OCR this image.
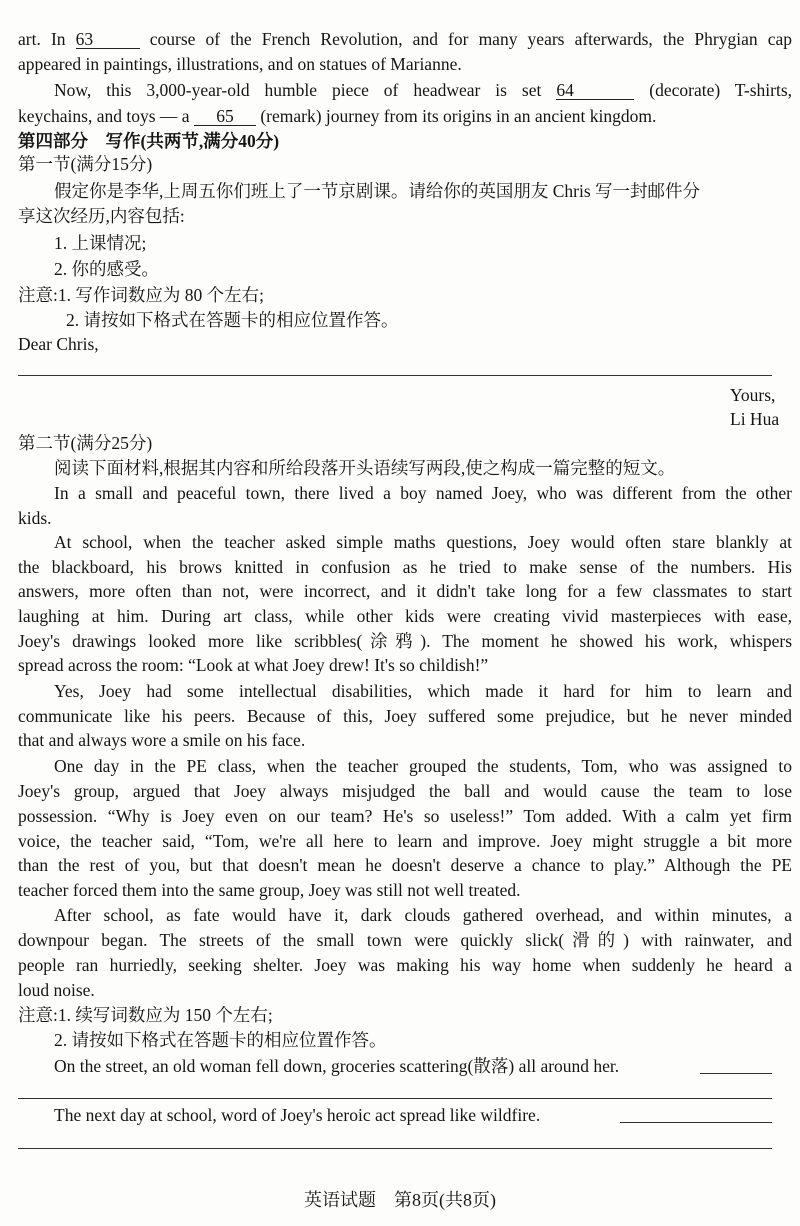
art. In 63	course of the French Revolution, and for many years afterwards, the Phrygian cap
appeared in paintings, illustrations, and on statues of Marianne.
Now, this 3,000-year-old humble piece of headwear is set 64	(decorate) T-shirts,
keychains, and toys — a 65 (remark) journey from its origins in an ancient kingdom.
第四部分　写作(共两节,满分40分)
第一节(满分15分)
假定你是李华,上周五你们班上了一节京剧课。请给你的英国朋友 Chris 写一封邮件分
享这次经历,内容包括:
1. 上课情况;
2. 你的感受。
注意:1. 写作词数应为 80 个左右;
2. 请按如下格式在答题卡的相应位置作答。
Dear Chris,
Yours,
Li Hua
第二节(满分25分)
阅读下面材料,根据其内容和所给段落开头语续写两段,使之构成一篇完整的短文。
In a small and peaceful town, there lived a boy named Joey, who was different from the other
kids.
At school, when the teacher asked simple maths questions, Joey would often stare blankly at
the blackboard, his brows knitted in confusion as he tried to make sense of the numbers. His
answers, more often than not, were incorrect, and it didn't take long for a few classmates to start
laughing at him. During art class, while other kids were creating vivid masterpieces with ease,
Joey's drawings looked more like scribbles(涂鸦). The moment he showed his work, whispers
spread across the room: “Look at what Joey drew! It's so childish!”
Yes, Joey had some intellectual disabilities, which made it hard for him to learn and
communicate like his peers. Because of this, Joey suffered some prejudice, but he never minded
that and always wore a smile on his face.
One day in the PE class, when the teacher grouped the students, Tom, who was assigned to
Joey's group, argued that Joey always misjudged the ball and would cause the team to lose
possession. “Why is Joey even on our team? He's so useless!” Tom added. With a calm yet firm
voice, the teacher said, “Tom, we're all here to learn and improve. Joey might struggle a bit more
than the rest of you, but that doesn't mean he doesn't deserve a chance to play.” Although the PE
teacher forced them into the same group, Joey was still not well treated.
After school, as fate would have it, dark clouds gathered overhead, and within minutes, a
downpour began. The streets of the small town were quickly slick(滑的) with rainwater, and
people ran hurriedly, seeking shelter. Joey was making his way home when suddenly he heard a
loud noise.
注意:1. 续写词数应为 150 个左右;
2. 请按如下格式在答题卡的相应位置作答。
On the street, an old woman fell down, groceries scattering(散落) all around her.
The next day at school, word of Joey's heroic act spread like wildfire.
英语试题　第8页(共8页)
